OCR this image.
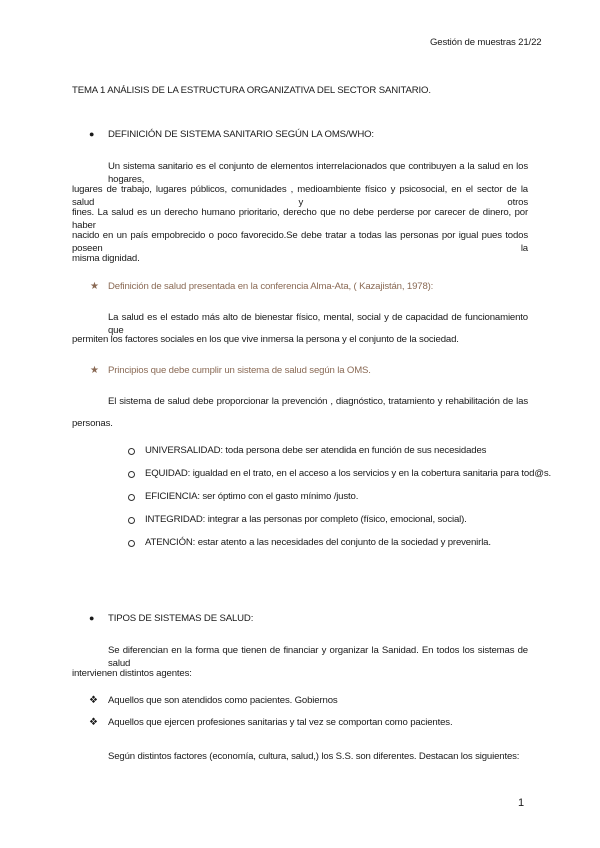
Gestión de muestras 21/22
TEMA 1 ANÁLISIS DE LA ESTRUCTURA ORGANIZATIVA DEL SECTOR SANITARIO.
● DEFINICIÓN DE SISTEMA SANITARIO SEGÚN LA OMS/WHO:
Un sistema sanitario es el conjunto de elementos interrelacionados que contribuyen a la salud en los hogares,
lugares de trabajo, lugares públicos, comunidades , medioambiente físico y psicosocial, en el sector de la salud y otros
fines. La salud es un derecho humano prioritario, derecho que no debe perderse por carecer de dinero, por haber
nacido en un país empobrecido o poco favorecido.Se debe tratar a todas las personas por igual pues todos poseen la
misma dignidad.
★ Definición de salud presentada en la conferencia Alma-Ata, ( Kazajistán, 1978):
La salud es el estado más alto de bienestar físico, mental, social y de capacidad de funcionamiento que
permiten los factores sociales en los que vive inmersa la persona y el conjunto de la sociedad.
★ Principios que debe cumplir un sistema de salud según la OMS.
El sistema de salud debe proporcionar la prevención , diagnóstico, tratamiento y rehabilitación de las
personas.
UNIVERSALIDAD: toda persona debe ser atendida en función de sus necesidades
EQUIDAD: igualdad en el trato, en el acceso a los servicios y en la cobertura sanitaria para tod@s.
EFICIENCIA: ser óptimo con el gasto mínimo /justo.
INTEGRIDAD: integrar a las personas por completo (físico, emocional, social).
ATENCIÓN: estar atento a las necesidades del conjunto de la sociedad y prevenirla.
● TIPOS DE SISTEMAS DE SALUD:
Se diferencian en la forma que tienen de financiar y organizar la Sanidad. En todos los sistemas de salud
intervienen distintos agentes:
❖ Aquellos que son atendidos como pacientes. Gobiernos
❖ Aquellos que ejercen profesiones sanitarias y tal vez se comportan como pacientes.
Según distintos factores (economía, cultura, salud,) los S.S. son diferentes. Destacan los siguientes:
1
